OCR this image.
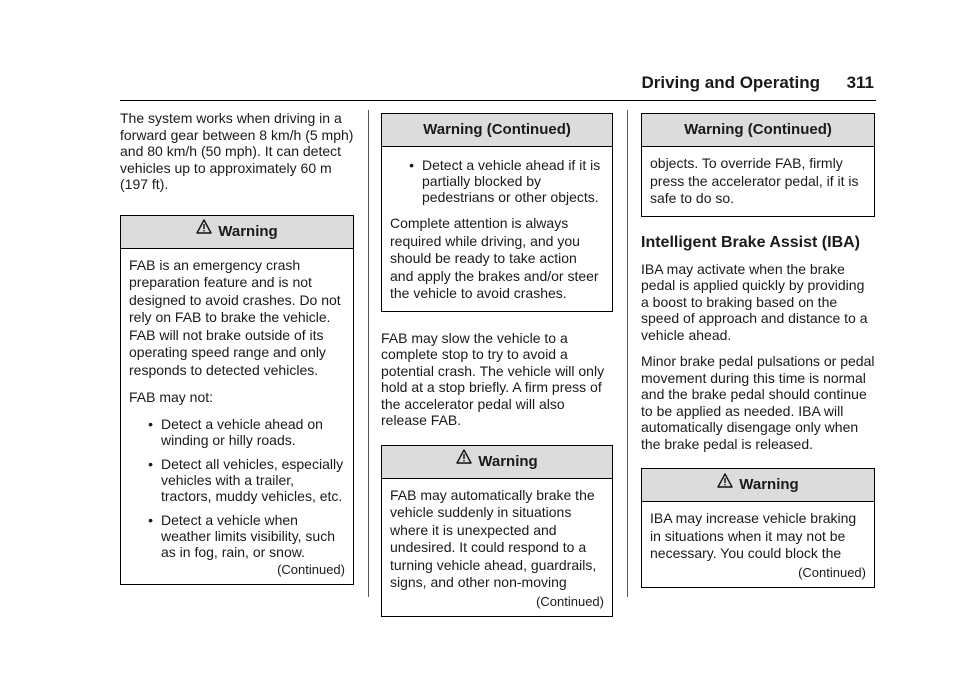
Driving and Operating 311

The system works when driving in a forward gear between 8 km/h (5 mph) and 80 km/h (50 mph). It can detect vehicles up to approximately 60 m (197 ft).

Warning

FAB is an emergency crash preparation feature and is not designed to avoid crashes. Do not rely on FAB to brake the vehicle. FAB will not brake outside of its operating speed range and only responds to detected vehicles.

FAB may not:

• Detect a vehicle ahead on winding or hilly roads.
• Detect all vehicles, especially vehicles with a trailer, tractors, muddy vehicles, etc.
• Detect a vehicle when weather limits visibility, such as in fog, rain, or snow.
(Continued)
Warning (Continued)
• Detect a vehicle ahead if it is partially blocked by pedestrians or other objects.

Complete attention is always required while driving, and you should be ready to take action and apply the brakes and/or steer the vehicle to avoid crashes.

FAB may slow the vehicle to a complete stop to try to avoid a potential crash. The vehicle will only hold at a stop briefly. A firm press of the accelerator pedal will also release FAB.

Warning

FAB may automatically brake the vehicle suddenly in situations where it is unexpected and undesired. It could respond to a turning vehicle ahead, guardrails, signs, and other non-moving

(Continued)
Warning (Continued)

objects. To override FAB, firmly press the accelerator pedal, if it is safe to do so.

Intelligent Brake Assist (IBA)

IBA may activate when the brake pedal is applied quickly by providing a boost to braking based on the speed of approach and distance to a vehicle ahead.

Minor brake pedal pulsations or pedal movement during this time is normal and the brake pedal should continue to be applied as needed. IBA will automatically disengage only when the brake pedal is released.

Warning

IBA may increase vehicle braking in situations when it may not be necessary. You could block the

(Continued)
